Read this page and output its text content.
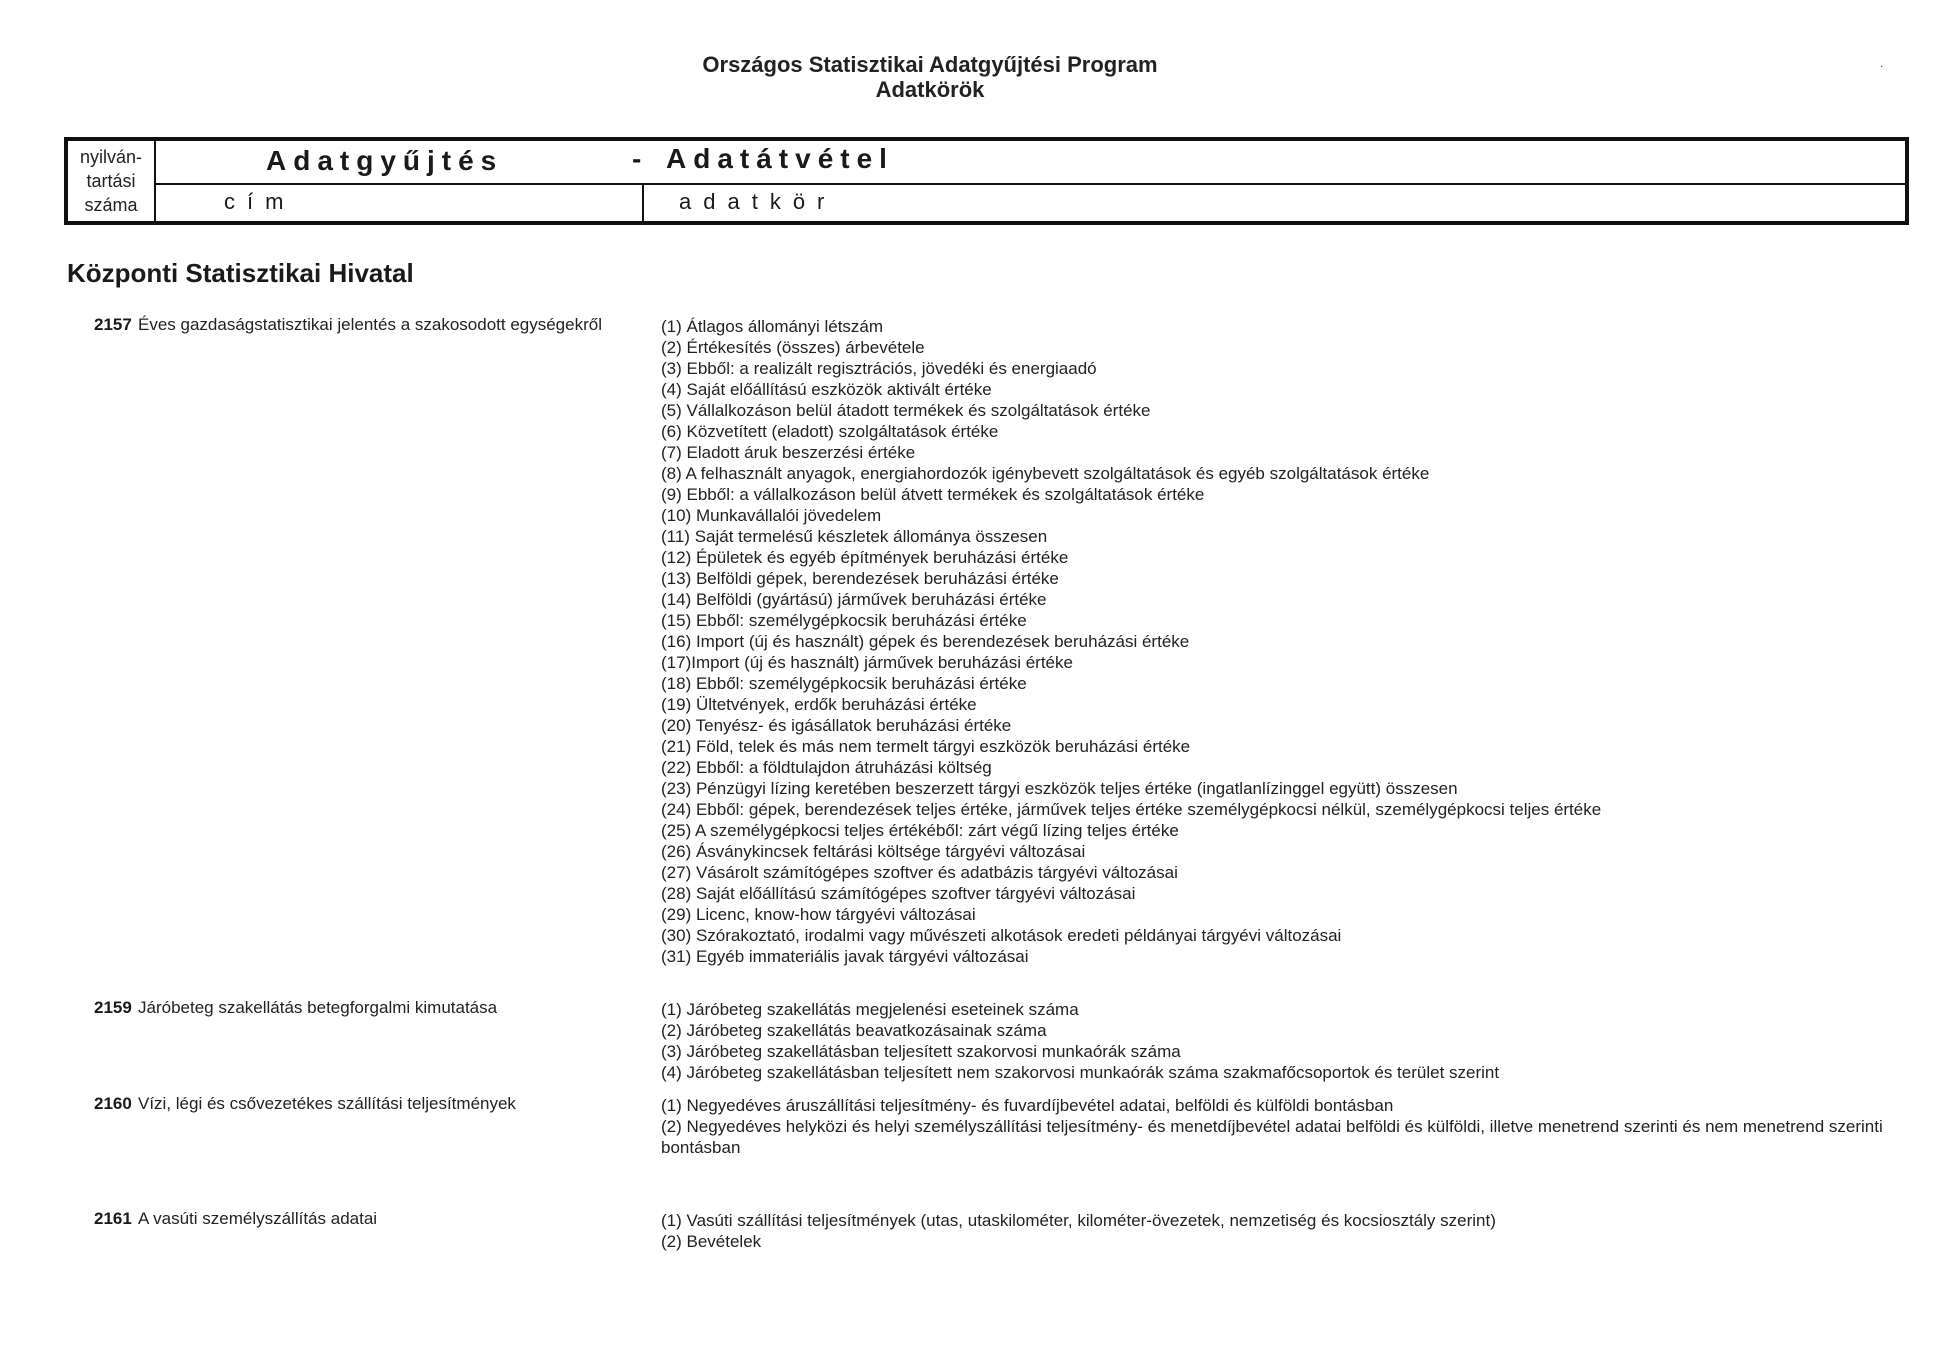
Országos Statisztikai Adatgyűjtési Program
Adatkörök
.
nyilván-
tartási
száma
Adatgyűjtés	- Adatátvétel
cím	adatkör
Központi Statisztikai Hivatal
2157 Éves gazdaságstatisztikai jelentés a szakosodott egységekről	(1) Átlagos állományi létszám
(2) Értékesítés (összes) árbevétele
(3) Ebből: a realizált regisztrációs, jövedéki és energiaadó
(4) Saját előállítású eszközök aktivált értéke
(5) Vállalkozáson belül átadott termékek és szolgáltatások értéke
(6) Közvetített (eladott) szolgáltatások értéke
(7) Eladott áruk beszerzési értéke
(8) A felhasznált anyagok, energiahordozók igénybevett szolgáltatások és egyéb szolgáltatások értéke
(9) Ebből: a vállalkozáson belül átvett termékek és szolgáltatások értéke
(10) Munkavállalói jövedelem
(11) Saját termelésű készletek állománya összesen
(12) Épületek és egyéb építmények beruházási értéke
(13) Belföldi gépek, berendezések beruházási értéke
(14) Belföldi (gyártású) járművek beruházási értéke
(15) Ebből: személygépkocsik beruházási értéke
(16) Import (új és használt) gépek és berendezések beruházási értéke
(17)Import (új és használt) járművek beruházási értéke
(18) Ebből: személygépkocsik beruházási értéke
(19) Ültetvények, erdők beruházási értéke
(20) Tenyész- és igásállatok beruházási értéke
(21) Föld, telek és más nem termelt tárgyi eszközök beruházási értéke
(22) Ebből: a földtulajdon átruházási költség
(23) Pénzügyi lízing keretében beszerzett tárgyi eszközök teljes értéke (ingatlanlízinggel együtt) összesen
(24) Ebből: gépek, berendezések teljes értéke, járművek teljes értéke személygépkocsi nélkül, személygépkocsi teljes értéke
(25) A személygépkocsi teljes értékéből: zárt végű lízing teljes értéke
(26) Ásványkincsek feltárási költsége tárgyévi változásai
(27) Vásárolt számítógépes szoftver és adatbázis tárgyévi változásai
(28) Saját előállítású számítógépes szoftver tárgyévi változásai
(29) Licenc, know-how tárgyévi változásai
(30) Szórakoztató, irodalmi vagy művészeti alkotások eredeti példányai tárgyévi változásai
(31) Egyéb immateriális javak tárgyévi változásai
2159 Járóbeteg szakellátás betegforgalmi kimutatása	(1) Járóbeteg szakellátás megjelenési eseteinek száma
(2) Járóbeteg szakellátás beavatkozásainak száma
(3) Járóbeteg szakellátásban teljesített szakorvosi munkaórák száma
(4) Járóbeteg szakellátásban teljesített nem szakorvosi munkaórák száma szakmafőcsoportok és terület szerint
2160 Vízi, légi és csővezetékes szállítási teljesítmények	(1) Negyedéves áruszállítási teljesítmény- és fuvardíjbevétel adatai, belföldi és külföldi bontásban
(2) Negyedéves helyközi és helyi személyszállítási teljesítmény- és menetdíjbevétel adatai belföldi és külföldi, illetve menetrend szerinti és nem menetrend szerinti bontásban
2161 A vasúti személyszállítás adatai	(1) Vasúti szállítási teljesítmények (utas, utaskilométer, kilométer-övezetek, nemzetiség és kocsiosztály szerint)
(2) Bevételek
